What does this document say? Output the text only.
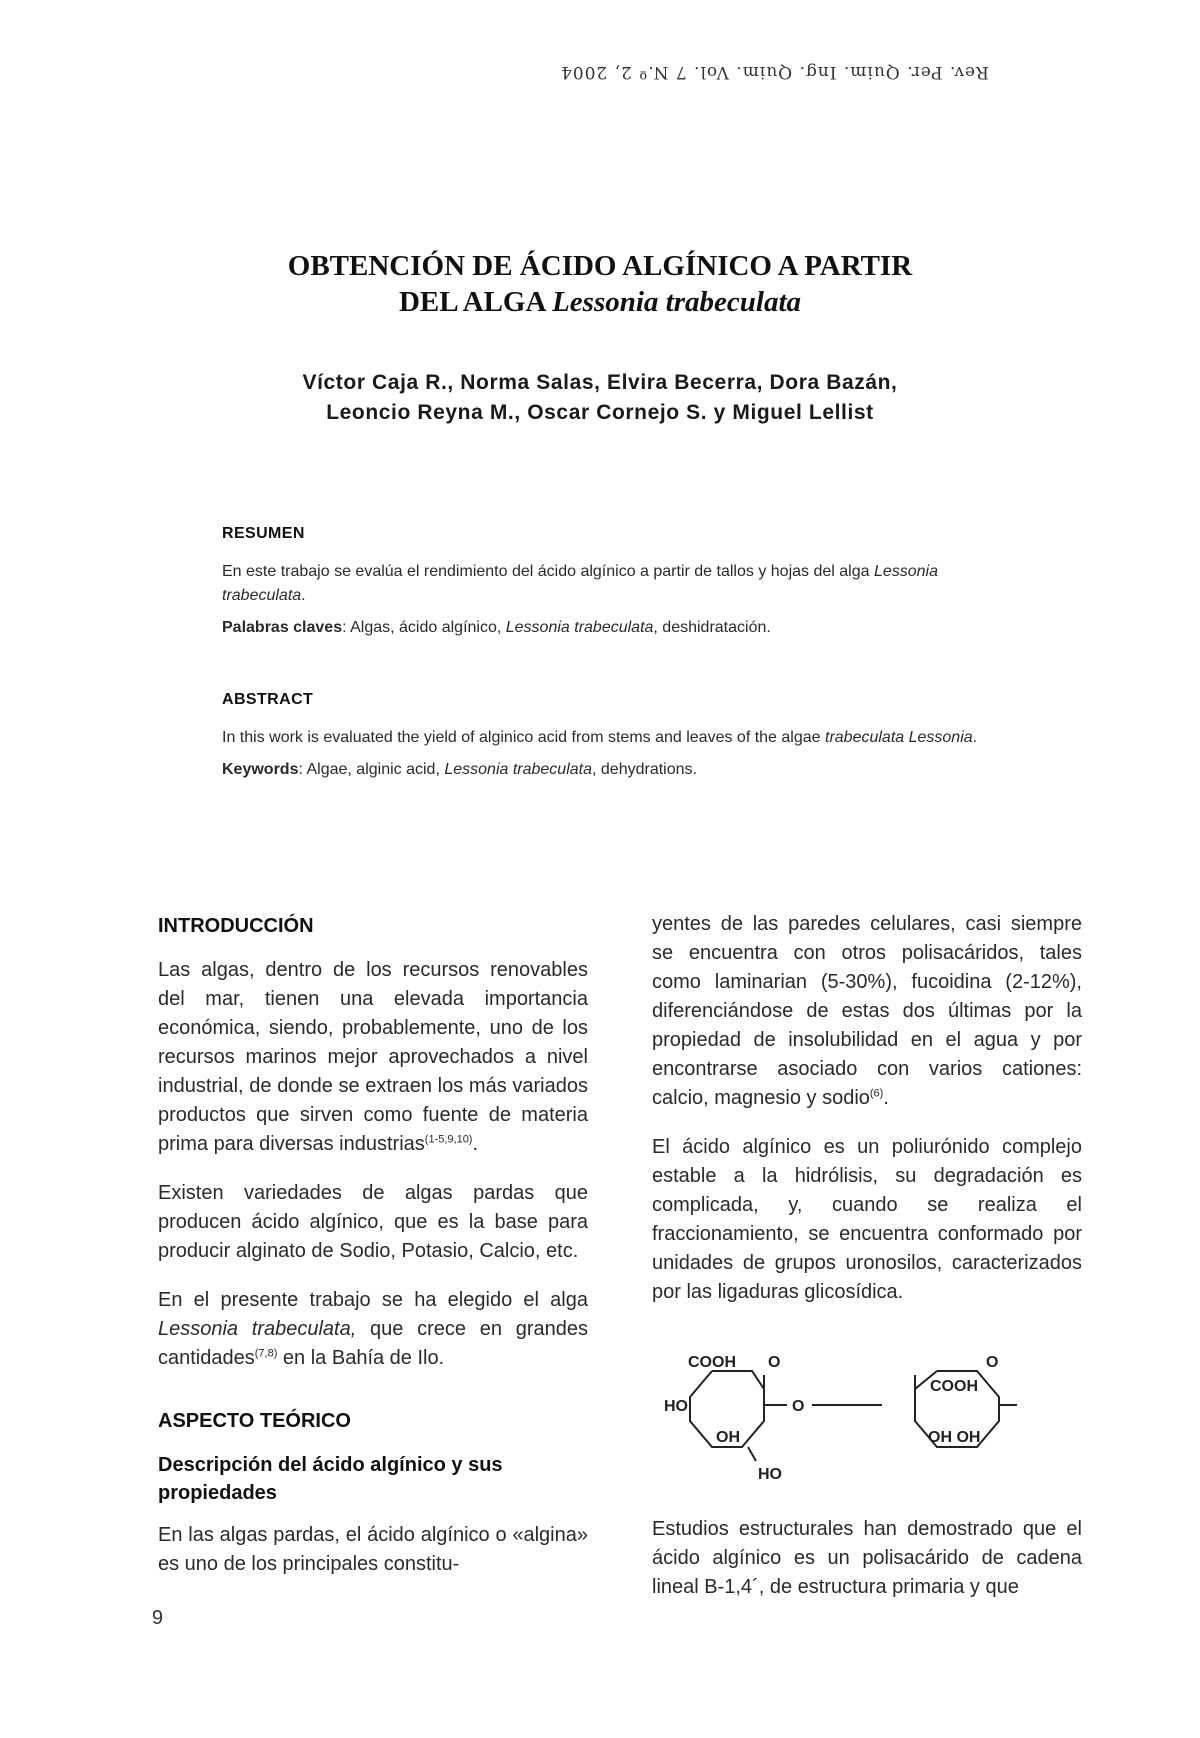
Rev. Per. Quim. Ing. Quim. Vol. 7 N.º 2, 2004
OBTENCIÓN DE ÁCIDO ALGÍNICO A PARTIR
DEL ALGA Lessonia trabeculata
Víctor Caja R., Norma Salas, Elvira Becerra, Dora Bazán,
Leoncio Reyna M., Oscar Cornejo S. y Miguel Lellist
RESUMEN
En este trabajo se evalúa el rendimiento del ácido algínico a partir de tallos y hojas del alga Lessonia trabeculata.
Palabras claves: Algas, ácido algínico, Lessonia trabeculata, deshidratación.
ABSTRACT
In this work is evaluated the yield of alginico acid from stems and leaves of the algae trabeculata Lessonia.
Keywords: Algae, alginic acid, Lessonia trabeculata, dehydrations.
INTRODUCCIÓN

Las algas, dentro de los recursos renovables del mar, tienen una elevada importancia económica, siendo, probablemente, uno de los recursos marinos mejor aprovechados a nivel industrial, de donde se extraen los más variados productos que sirven como fuente de materia prima para diversas industrias$^{(1-5,9,10)}$.

Existen variedades de algas pardas que producen ácido algínico, que es la base para producir alginato de Sodio, Potasio, Calcio, etc.

En el presente trabajo se ha elegido el alga Lessonia trabeculata, que crece en grandes cantidades$^{(7,8)}$ en la Bahía de Ilo.

ASPECTO TEÓRICO
Descripción del ácido algínico y sus propiedades

En las algas pardas, el ácido algínico o «algina» es uno de los principales constitu-

yentes de las paredes celulares, casi siempre se encuentra con otros polisacáridos, tales como laminarian (5-30%), fucoidina (2-12%), diferenciándose de estas dos últimas por la propiedad de insolubilidad en el agua y por encontrarse asociado con varios cationes: calcio, magnesio y sodio$^{(6)}$.

El ácido algínico es un poliurónido complejo estable a la hidrólisis, su degradación es complicada, y, cuando se realiza el fraccionamiento, se encuentra conformado por unidades de grupos uronosilos, caracterizados por las ligaduras glicosídica.

COOH O
HO
OH
HO
O
O
COOH
OH OH

Estudios estructurales han demostrado que el ácido algínico es un polisacárido de cadena lineal B-1,4´, de estructura primaria y que

6
